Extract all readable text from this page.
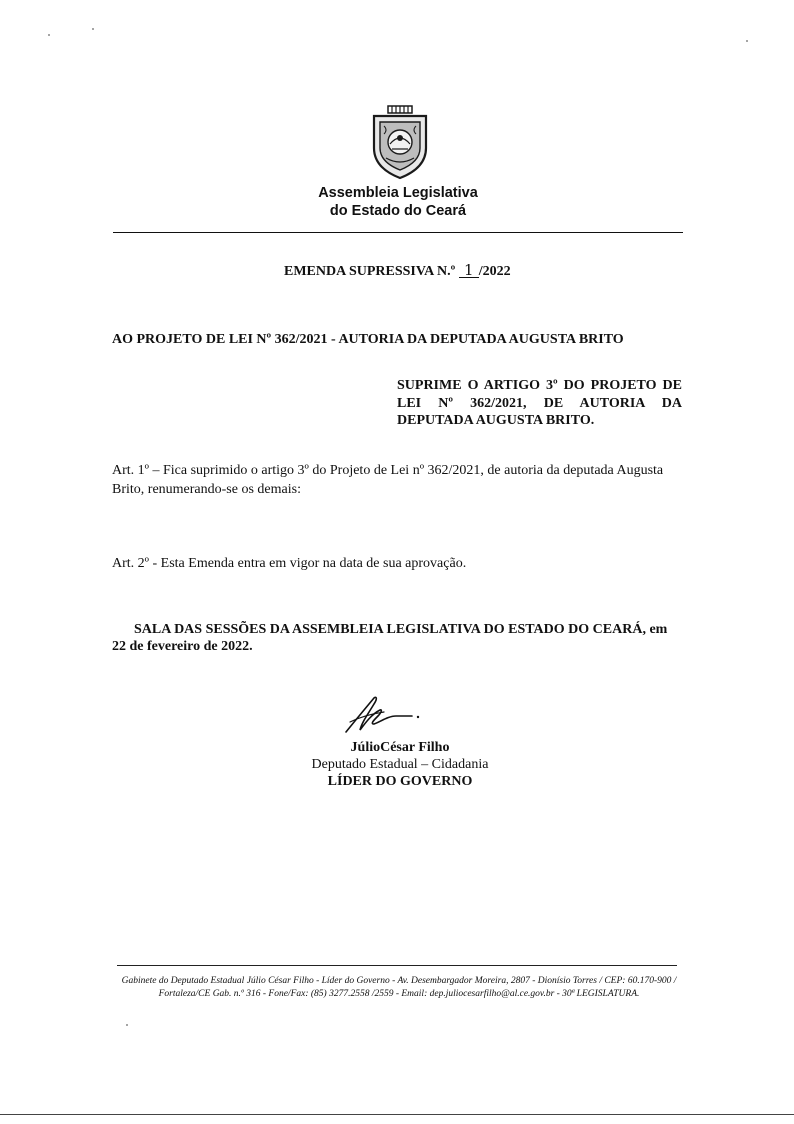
Assembleia Legislativa
do Estado do Ceará
EMENDA SUPRESSIVA N.º 1 /2022
AO PROJETO DE LEI Nº 362/2021 - AUTORIA DA DEPUTADA AUGUSTA BRITO
SUPRIME O ARTIGO 3º DO PROJETO DE LEI Nº 362/2021, DE AUTORIA DA DEPUTADA AUGUSTA BRITO.
Art. 1º – Fica suprimido o artigo 3º do Projeto de Lei nº 362/2021, de autoria da deputada Augusta Brito, renumerando-se os demais:
Art. 2º - Esta Emenda entra em vigor na data de sua aprovação.
SALA DAS SESSÕES DA ASSEMBLEIA LEGISLATIVA DO ESTADO DO CEARÁ, em 22 de fevereiro de 2022.
JúlioCésar Filho
Deputado Estadual – Cidadania
LÍDER DO GOVERNO
Gabinete do Deputado Estadual Júlio César Filho - Líder do Governo - Av. Desembargador Moreira, 2807 - Dionísio Torres / CEP: 60.170-900 /
Fortaleza/CE Gab. n.º 316 - Fone/Fax: (85) 3277.2558 /2559 - Email: dep.juliocesarfilho@al.ce.gov.br - 30ª LEGISLATURA.
